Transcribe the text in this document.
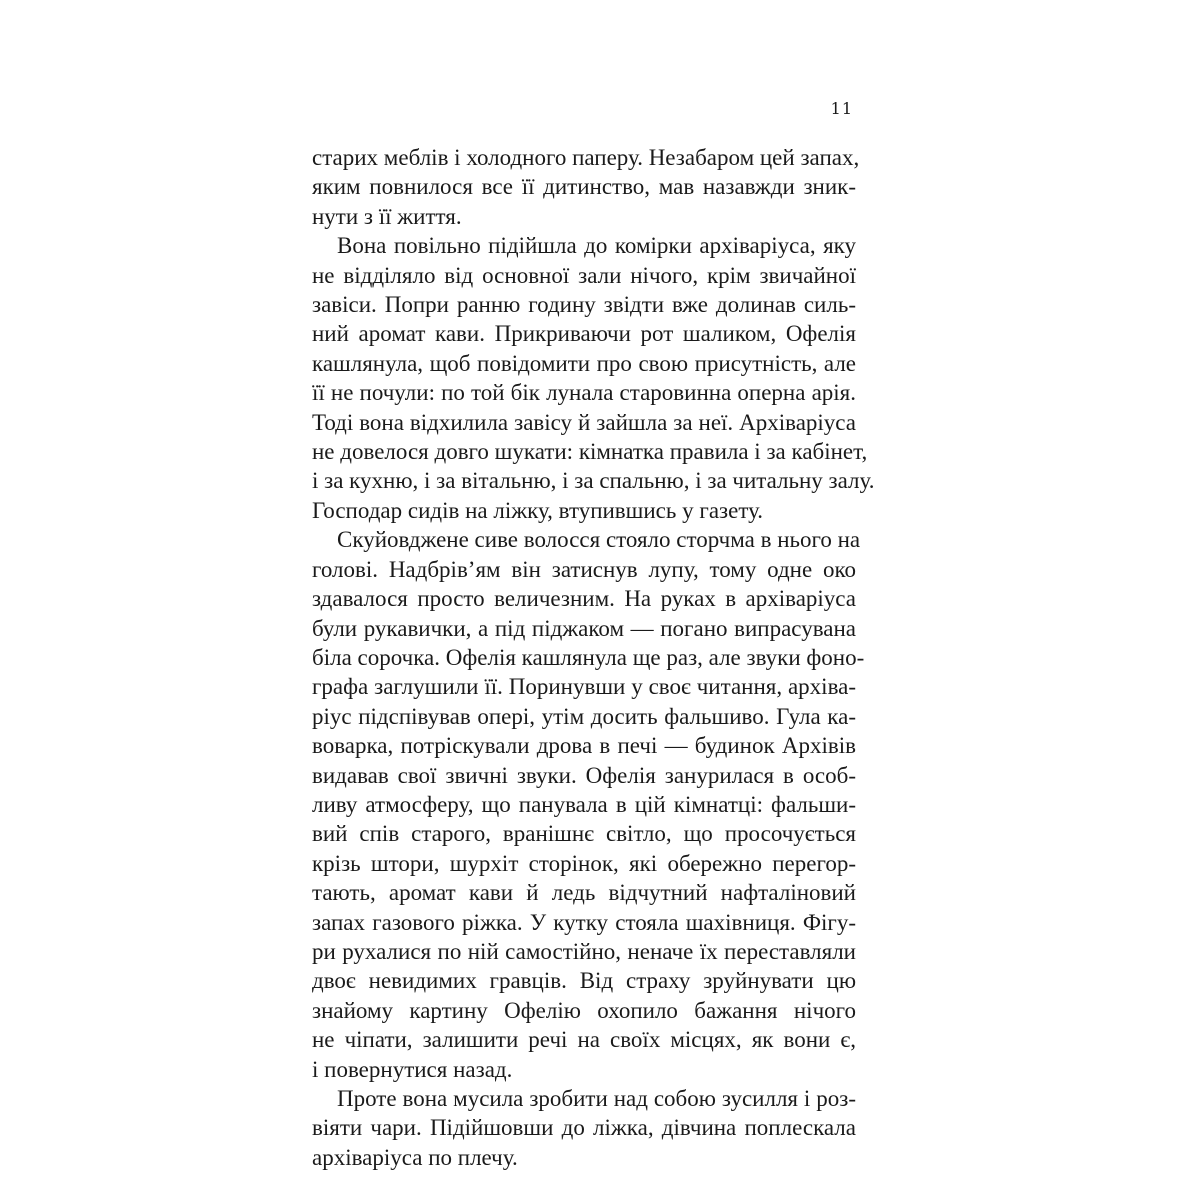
11

старих меблів і холодного паперу. Незабаром цей запах,
яким повнилося все її дитинство, мав назавжди зник-
нути з її життя.

Вона повільно підійшла до комірки архіваріуса, яку
не відділяло від основної зали нічого, крім звичайної
завіси. Попри ранню годину звідти вже долинав силь-
ний аромат кави. Прикриваючи рот шаликом, Офелія
кашлянула, щоб повідомити про свою присутність, але
її не почули: по той бік лунала старовинна оперна арія.
Тоді вона відхилила завісу й зайшла за неї. Архіваріуса
не довелося довго шукати: кімнатка правила і за кабінет,
і за кухню, і за вітальню, і за спальню, і за читальну залу.
Господар сидів на ліжку, втупившись у газету.

Скуйовджене сиве волосся стояло сторчма в нього на
голові. Надбрів’ям він затиснув лупу, тому одне око
здавалося просто величезним. На руках в архіваріуса
були рукавички, а під піджаком — погано випрасувана
біла сорочка. Офелія кашлянула ще раз, але звуки фоно-
графа заглушили її. Поринувши у своє читання, архіва-
ріус підспівував опері, утім досить фальшиво. Гула ка-
воварка, потріскували дрова в печі — будинок Архівів
видавав свої звичні звуки. Офелія занурилася в особ-
ливу атмосферу, що панувала в цій кімнатці: фальши-
вий спів старого, вранішнє світло, що просочується
крізь штори, шурхіт сторінок, які обережно перегор-
тають, аромат кави й ледь відчутний нафталіновий
запах газового ріжка. У кутку стояла шахівниця. Фігу-
ри рухалися по ній самостійно, неначе їх переставляли
двоє невидимих гравців. Від страху зруйнувати цю
знайому картину Офелію охопило бажання нічого
не чіпати, залишити речі на своїх місцях, як вони є,
і повернутися назад.

Проте вона мусила зробити над собою зусилля і роз-
віяти чари. Підійшовши до ліжка, дівчина поплескала
архіваріуса по плечу.
